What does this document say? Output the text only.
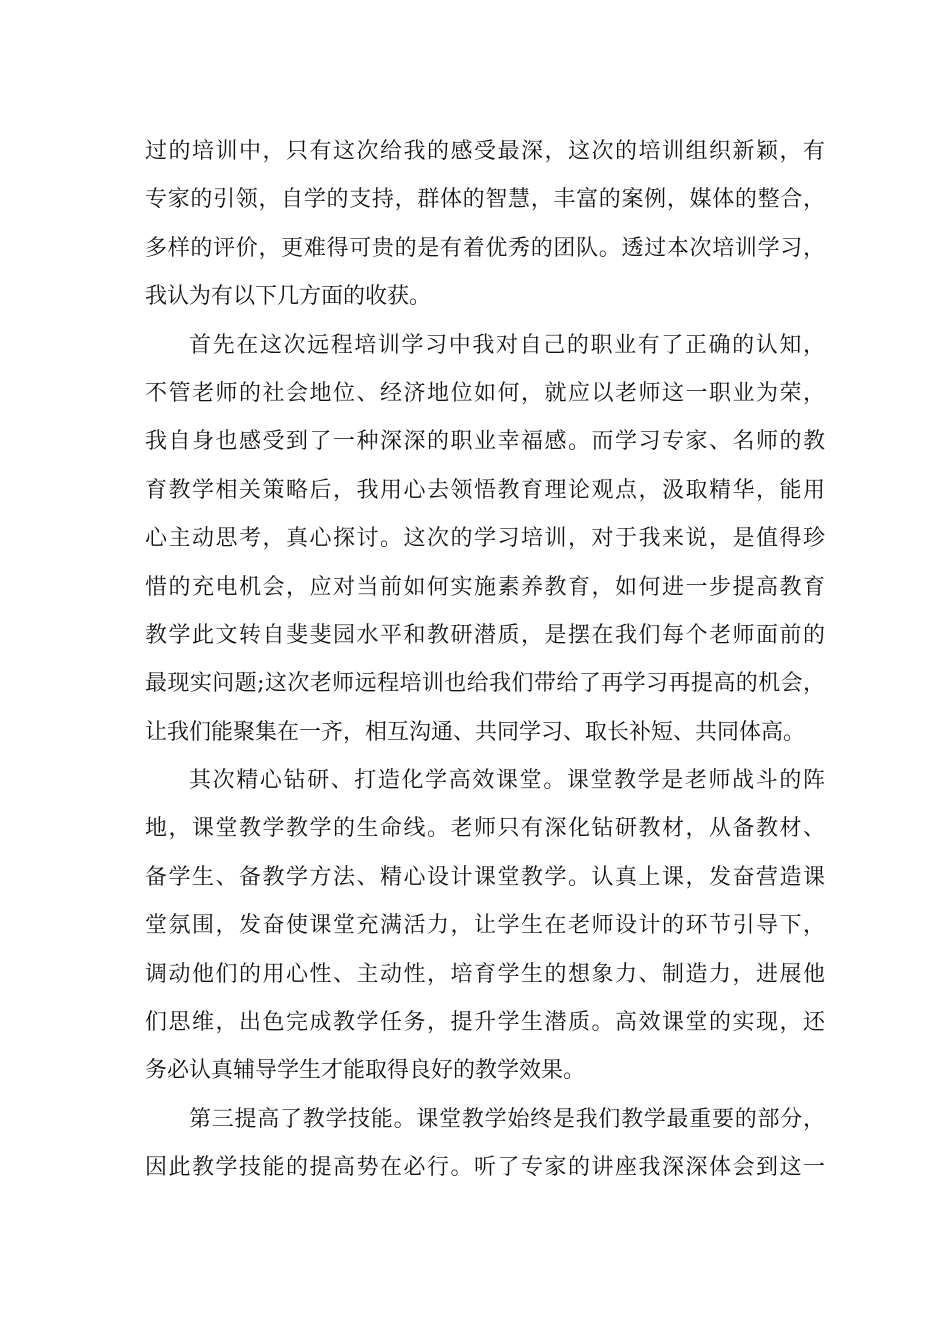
过的培训中，只有这次给我的感受最深，这次的培训组织新颖，有
专家的引领，自学的支持，群体的智慧，丰富的案例，媒体的整合，
多样的评价，更难得可贵的是有着优秀的团队。透过本次培训学习，
我认为有以下几方面的收获。
首先在这次远程培训学习中我对自己的职业有了正确的认知，
不管老师的社会地位、经济地位如何，就应以老师这一职业为荣，
我自身也感受到了一种深深的职业幸福感。而学习专家、名师的教
育教学相关策略后，我用心去领悟教育理论观点，汲取精华，能用
心主动思考，真心探讨。这次的学习培训，对于我来说，是值得珍
惜的充电机会，应对当前如何实施素养教育，如何进一步提高教育
教学此文转自斐斐园水平和教研潜质，是摆在我们每个老师面前的
最现实问题;这次老师远程培训也给我们带给了再学习再提高的机会，
让我们能聚集在一齐，相互沟通、共同学习、取长补短、共同体高。
其次精心钻研、打造化学高效课堂。课堂教学是老师战斗的阵
地，课堂教学教学的生命线。老师只有深化钻研教材，从备教材、
备学生、备教学方法、精心设计课堂教学。认真上课，发奋营造课
堂氛围，发奋使课堂充满活力，让学生在老师设计的环节引导下，
调动他们的用心性、主动性，培育学生的想象力、制造力，进展他
们思维，出色完成教学任务，提升学生潜质。高效课堂的实现，还
务必认真辅导学生才能取得良好的教学效果。
第三提高了教学技能。课堂教学始终是我们教学最重要的部分，
因此教学技能的提高势在必行。听了专家的讲座我深深体会到这一
